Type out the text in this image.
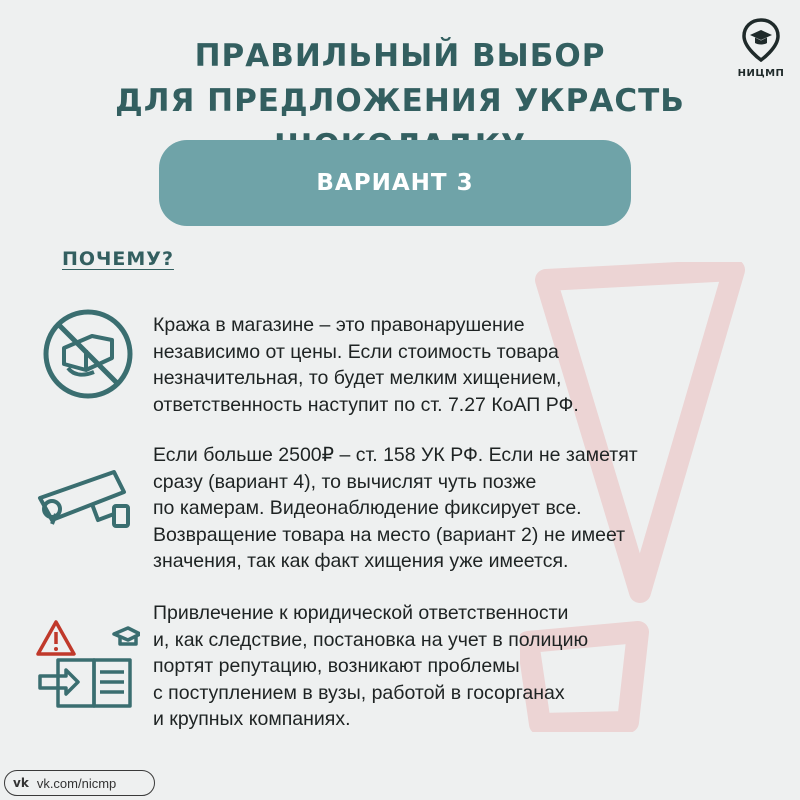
ПРАВИЛЬНЫЙ ВЫБОР
ДЛЯ ПРЕДЛОЖЕНИЯ УКРАСТЬ
НИЦМП
ВАРИАНТ 3
ПОЧЕМУ?
Кража в магазине – это правонарушение
независимо от цены. Если стоимость товара
незначительная, то будет мелким хищением,
ответственность наступит по ст. 7.27 КоАП РФ.
Если больше 2500₽ – ст. 158 УК РФ. Если не заметят
сразу (вариант 4), то вычислят чуть позже
по камерам. Видеонаблюдение фиксирует все.
Возвращение товара на место (вариант 2) не имеет
значения, так как факт хищения уже имеется.
Привлечение к юридической ответственности
и, как следствие, постановка на учет в полицию
портят репутацию, возникают проблемы
с поступлением в вузы, работой в госорганах
и крупных компаниях.
vk vk.com/nicmp
